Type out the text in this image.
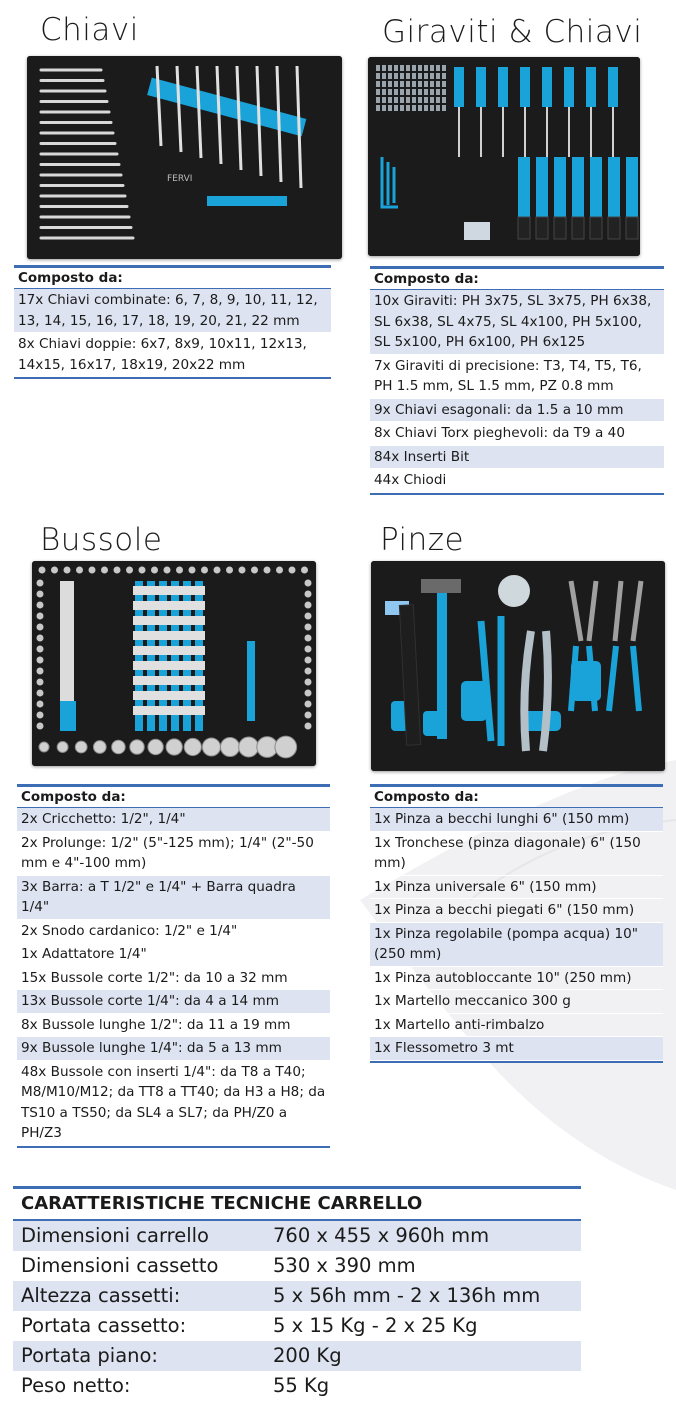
Chiavi
FERVI
Composto da:
17x Chiavi combinate: 6, 7, 8, 9, 10, 11, 12, 13, 14, 15, 16, 17, 18, 19, 20, 21, 22 mm
8x Chiavi doppie: 6x7, 8x9, 10x11, 12x13, 14x15, 16x17, 18x19, 20x22 mm
Giraviti & Chiavi
Composto da:
10x Giraviti: PH 3x75, SL 3x75, PH 6x38, SL 6x38, SL 4x75, SL 4x100, PH 5x100, SL 5x100, PH 6x100, PH 6x125
7x Giraviti di precisione: T3, T4, T5, T6, PH 1.5 mm, SL 1.5 mm, PZ 0.8 mm
9x Chiavi esagonali: da 1.5 a 10 mm
8x Chiavi Torx pieghevoli: da T9 a 40
84x Inserti Bit
44x Chiodi
Bussole
Composto da:
2x Cricchetto: 1/2", 1/4"
2x Prolunge: 1/2" (5"-125 mm); 1/4" (2"-50 mm e 4"-100 mm)
3x Barra: a T 1/2" e 1/4" + Barra quadra 1/4"
2x Snodo cardanico: 1/2" e 1/4"
1x Adattatore 1/4"
15x Bussole corte 1/2": da 10 a 32 mm
13x Bussole corte 1/4": da 4 a 14 mm
8x Bussole lunghe 1/2": da 11 a 19 mm
9x Bussole lunghe 1/4": da 5 a 13 mm
48x Bussole con inserti 1/4": da T8 a T40; M8/M10/M12; da TT8 a TT40; da H3 a H8; da TS10 a TS50; da SL4 a SL7; da PH/Z0 a PH/Z3
Pinze
Composto da:
1x Pinza a becchi lunghi 6" (150 mm)
1x Tronchese (pinza diagonale) 6" (150 mm)
1x Pinza universale 6" (150 mm)
1x Pinza a becchi piegati 6" (150 mm)
1x Pinza regolabile (pompa acqua) 10" (250 mm)
1x Pinza autobloccante 10" (250 mm)
1x Martello meccanico 300 g
1x Martello anti-rimbalzo
1x Flessometro 3 mt
CARATTERISTICHE TECNICHE CARRELLO
Dimensioni carrello	760 x 455 x 960h mm
Dimensioni cassetto	530 x 390 mm
Altezza cassetti:	5 x 56h mm - 2 x 136h mm
Portata cassetto:	5 x 15 Kg - 2 x 25 Kg
Portata piano:	200 Kg
Peso netto:	55 Kg
